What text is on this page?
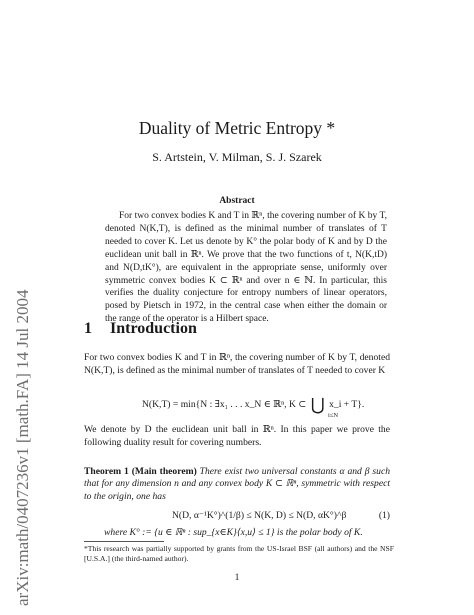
arXiv:math/0407236v1 [math.FA] 14 Jul 2004
Duality of Metric Entropy *
S. Artstein, V. Milman, S. J. Szarek
Abstract
For two convex bodies K and T in ℝⁿ, the covering number of K by T, denoted N(K,T), is defined as the minimal number of translates of T needed to cover K. Let us denote by K° the polar body of K and by D the euclidean unit ball in ℝⁿ. We prove that the two functions of t, N(K,tD) and N(D,tK°), are equivalent in the appropriate sense, uniformly over symmetric convex bodies K ⊂ ℝⁿ and over n ∈ ℕ. In particular, this verifies the duality conjecture for entropy numbers of linear operators, posed by Pietsch in 1972, in the central case when either the domain or the range of the operator is a Hilbert space.
1 Introduction
For two convex bodies K and T in ℝⁿ, the covering number of K by T, denoted N(K,T), is defined as the minimal number of translates of T needed to cover K
N(K,T) = min{N : ∃x₁ . . . x_N ∈ ℝⁿ, K ⊂ ⋃ x_i + T}.
i≤N
We denote by D the euclidean unit ball in ℝⁿ. In this paper we prove the following duality result for covering numbers.
Theorem 1 (Main theorem) There exist two universal constants α and β such that for any dimension n and any convex body K ⊂ ℝⁿ, symmetric with respect to the origin, one has
N(D, α⁻¹K°)^(1/β) ≤ N(K, D) ≤ N(D, αK°)^β	(1)
where K° := {u ∈ ℝⁿ : sup_{x∈K}⟨x,u⟩ ≤ 1} is the polar body of K.
*This research was partially supported by grants from the US-Israel BSF (all authors) and the NSF [U.S.A.] (the third-named author).
1
